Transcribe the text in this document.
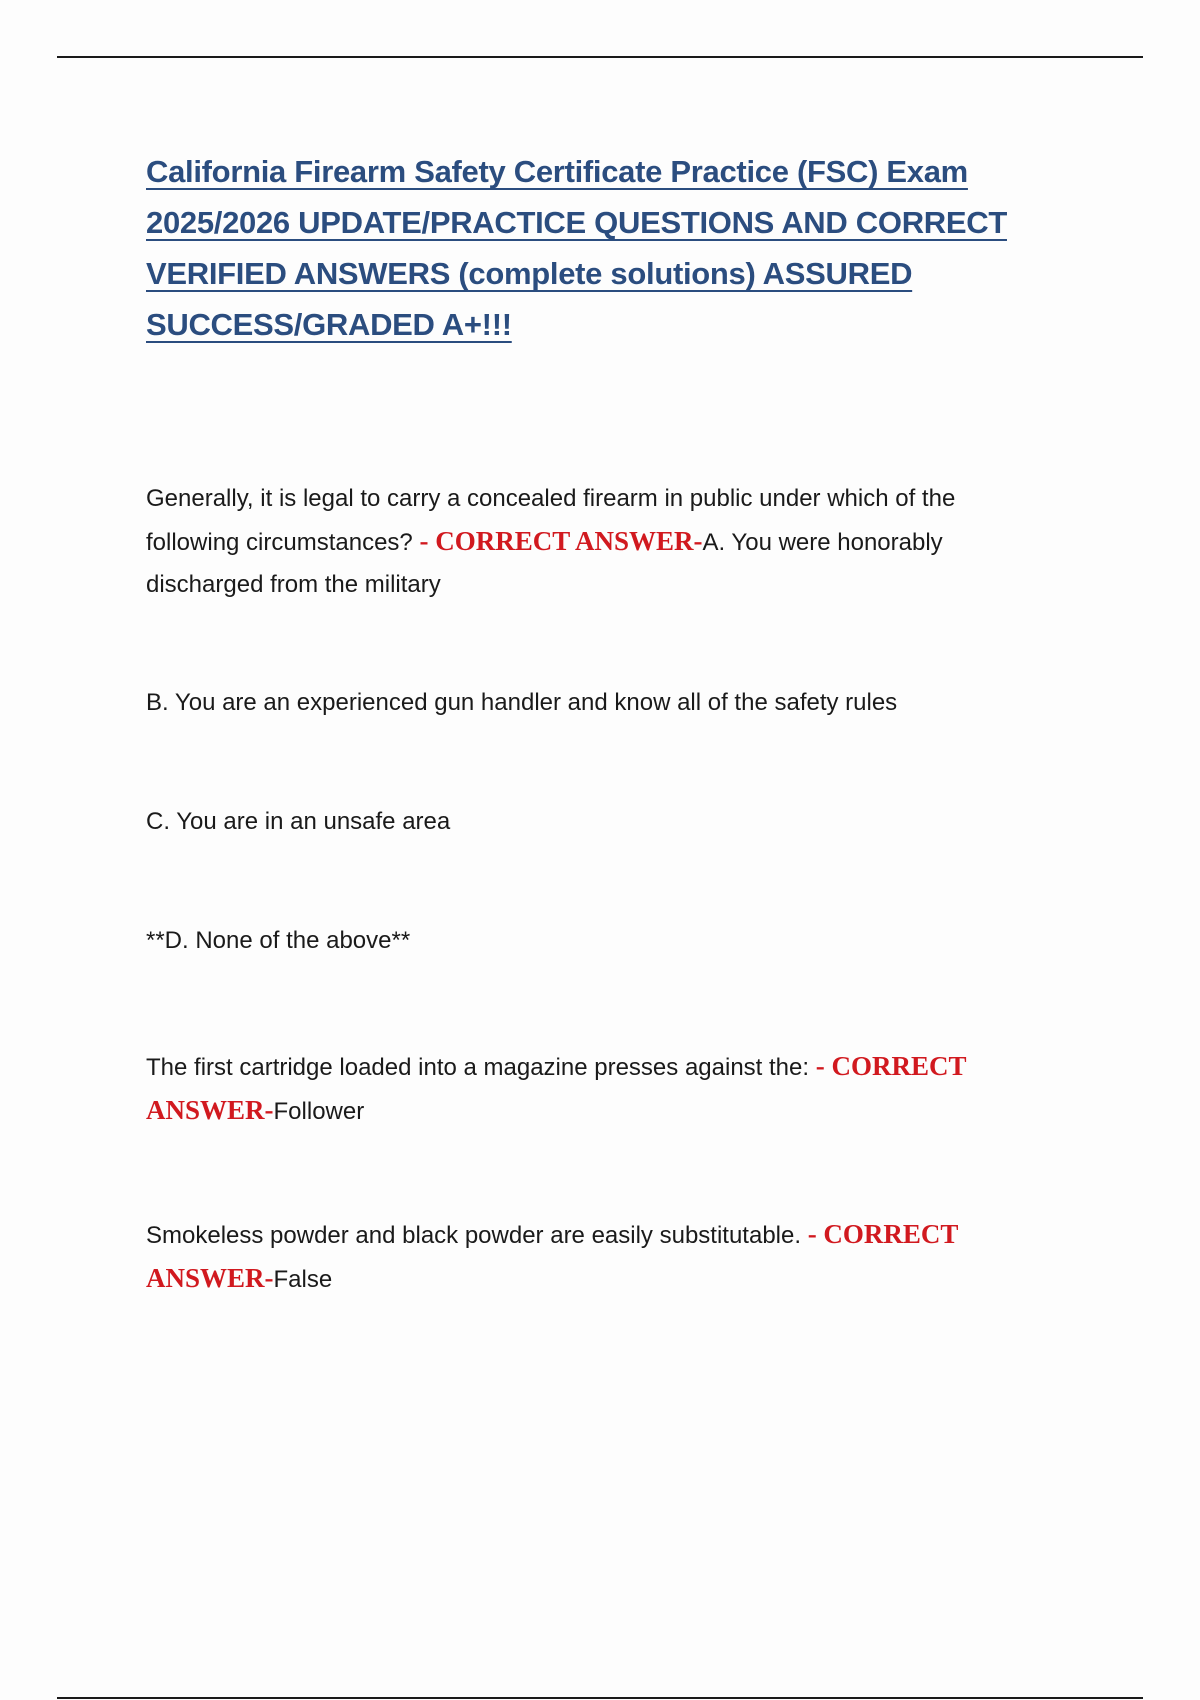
California Firearm Safety Certificate Practice (FSC) Exam
2025/2026 UPDATE/PRACTICE QUESTIONS AND CORRECT
VERIFIED ANSWERS (complete solutions) ASSURED
SUCCESS/GRADED A+!!!
Generally, it is legal to carry a concealed firearm in public under which of the following circumstances? - CORRECT ANSWER-A. You were honorably discharged from the military
B. You are an experienced gun handler and know all of the safety rules
C. You are in an unsafe area
**D. None of the above**
The first cartridge loaded into a magazine presses against the: - CORRECT ANSWER-Follower
Smokeless powder and black powder are easily substitutable. - CORRECT ANSWER-False
